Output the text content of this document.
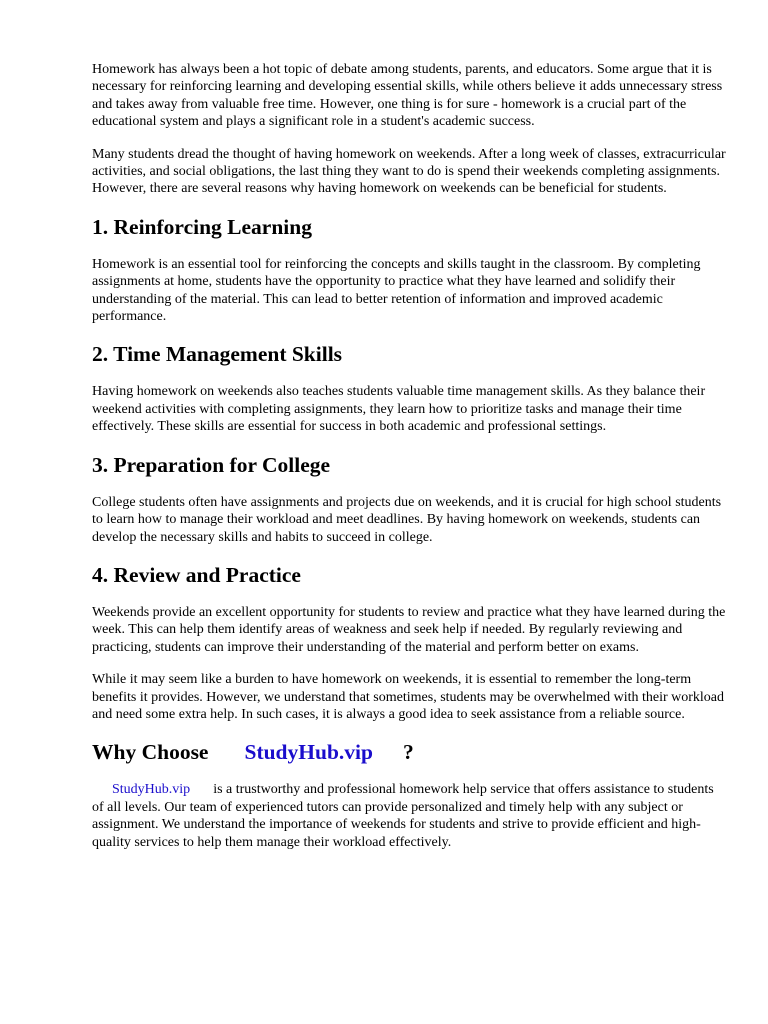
Homework has always been a hot topic of debate among students, parents, and educators. Some argue that it is necessary for reinforcing learning and developing essential skills, while others believe it adds unnecessary stress and takes away from valuable free time. However, one thing is for sure - homework is a crucial part of the educational system and plays a significant role in a student's academic success.

Many students dread the thought of having homework on weekends. After a long week of classes, extracurricular activities, and social obligations, the last thing they want to do is spend their weekends completing assignments. However, there are several reasons why having homework on weekends can be beneficial for students.

1. Reinforcing Learning

Homework is an essential tool for reinforcing the concepts and skills taught in the classroom. By completing assignments at home, students have the opportunity to practice what they have learned and solidify their understanding of the material. This can lead to better retention of information and improved academic performance.

2. Time Management Skills

Having homework on weekends also teaches students valuable time management skills. As they balance their weekend activities with completing assignments, they learn how to prioritize tasks and manage their time effectively. These skills are essential for success in both academic and professional settings.

3. Preparation for College

College students often have assignments and projects due on weekends, and it is crucial for high school students to learn how to manage their workload and meet deadlines. By having homework on weekends, students can develop the necessary skills and habits to succeed in college.

4. Review and Practice

Weekends provide an excellent opportunity for students to review and practice what they have learned during the week. This can help them identify areas of weakness and seek help if needed. By regularly reviewing and practicing, students can improve their understanding of the material and perform better on exams.

While it may seem like a burden to have homework on weekends, it is essential to remember the long-term benefits it provides. However, we understand that sometimes, students may be overwhelmed with their workload and need some extra help. In such cases, it is always a good idea to seek assistance from a reliable source.

Why Choose StudyHub.vip ?

StudyHub.vip is a trustworthy and professional homework help service that offers assistance to students of all levels. Our team of experienced tutors can provide personalized and timely help with any subject or assignment. We understand the importance of weekends for students and strive to provide efficient and high-quality services to help them manage their workload effectively.
